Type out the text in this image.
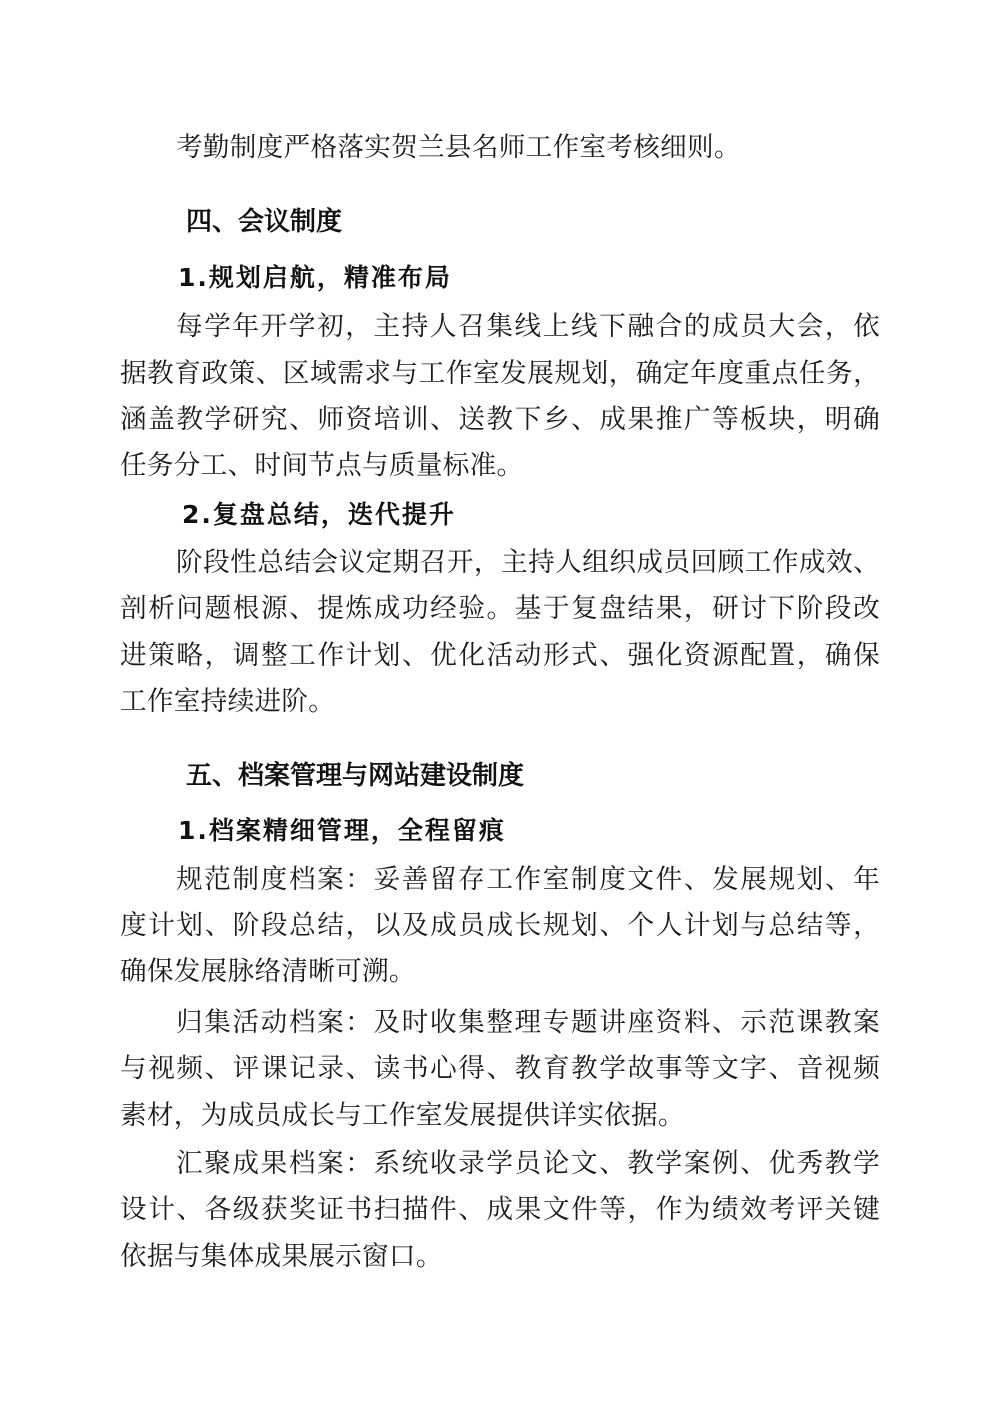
考勤制度严格落实贺兰县名师工作室考核细则。
四、会议制度
1.规划启航，精准布局
每学年开学初，主持人召集线上线下融合的成员大会，依
据教育政策、区域需求与工作室发展规划，确定年度重点任务，
涵盖教学研究、师资培训、送教下乡、成果推广等板块，明确
任务分工、时间节点与质量标准。
2.复盘总结，迭代提升
阶段性总结会议定期召开，主持人组织成员回顾工作成效、
剖析问题根源、提炼成功经验。基于复盘结果，研讨下阶段改
进策略，调整工作计划、优化活动形式、强化资源配置，确保
工作室持续进阶。
五、档案管理与网站建设制度
1.档案精细管理，全程留痕
规范制度档案：妥善留存工作室制度文件、发展规划、年
度计划、阶段总结，以及成员成长规划、个人计划与总结等，
确保发展脉络清晰可溯。
归集活动档案：及时收集整理专题讲座资料、示范课教案
与视频、评课记录、读书心得、教育教学故事等文字、音视频
素材，为成员成长与工作室发展提供详实依据。
汇聚成果档案：系统收录学员论文、教学案例、优秀教学
设计、各级获奖证书扫描件、成果文件等，作为绩效考评关键
依据与集体成果展示窗口。
